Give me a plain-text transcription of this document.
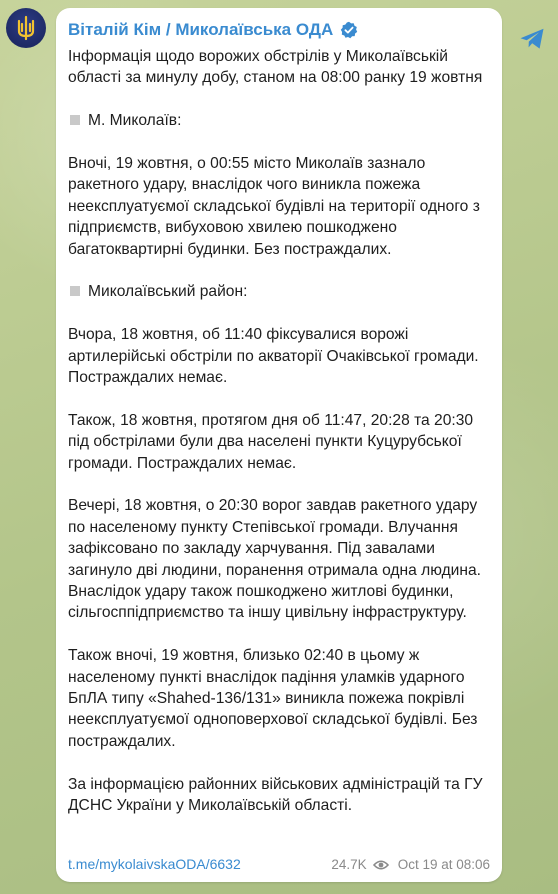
Віталій Кім / Миколаївська ОДА

Інформація щодо ворожих обстрілів у Миколаївській області за минулу добу, станом на 08:00 ранку 19 жовтня

М. Миколаїв:

Вночі, 19 жовтня, о 00:55 місто Миколаїв зазнало ракетного удару, внаслідок чого виникла пожежа неексплуатуємої складської будівлі на території одного з підприємств, вибуховою хвилею пошкоджено багатоквартирні будинки. Без постраждалих.

Миколаївський район:

Вчора, 18 жовтня, об 11:40 фіксувалися ворожі артилерійські обстріли по акваторії Очаківської громади. Постраждалих немає.

Також, 18 жовтня, протягом дня об 11:47, 20:28 та 20:30 під обстрілами були два населені пункти Куцурубської громади. Постраждалих немає.

Вечері, 18 жовтня, о 20:30 ворог завдав ракетного удару по населеному пункту Степівської громади. Влучання зафіксовано по закладу харчування. Під завалами загинуло дві людини, поранення отримала одна людина. Внаслідок удару також пошкоджено житлові будинки, сільгосппідприємство та іншу цивільну інфраструктуру.

Також вночі, 19 жовтня, близько 02:40 в цьому ж населеному пункті внаслідок падіння уламків ударного БпЛА типу «Shahed-136/131» виникла пожежа покрівлі неексплуатуємої одноповерхової складської будівлі. Без постраждалих.

За інформацією районних військових адміністрацій та ГУ ДСНС України у Миколаївській області.

t.me/mykolaivskaODA/6632	24.7K Oct 19 at 08:06
